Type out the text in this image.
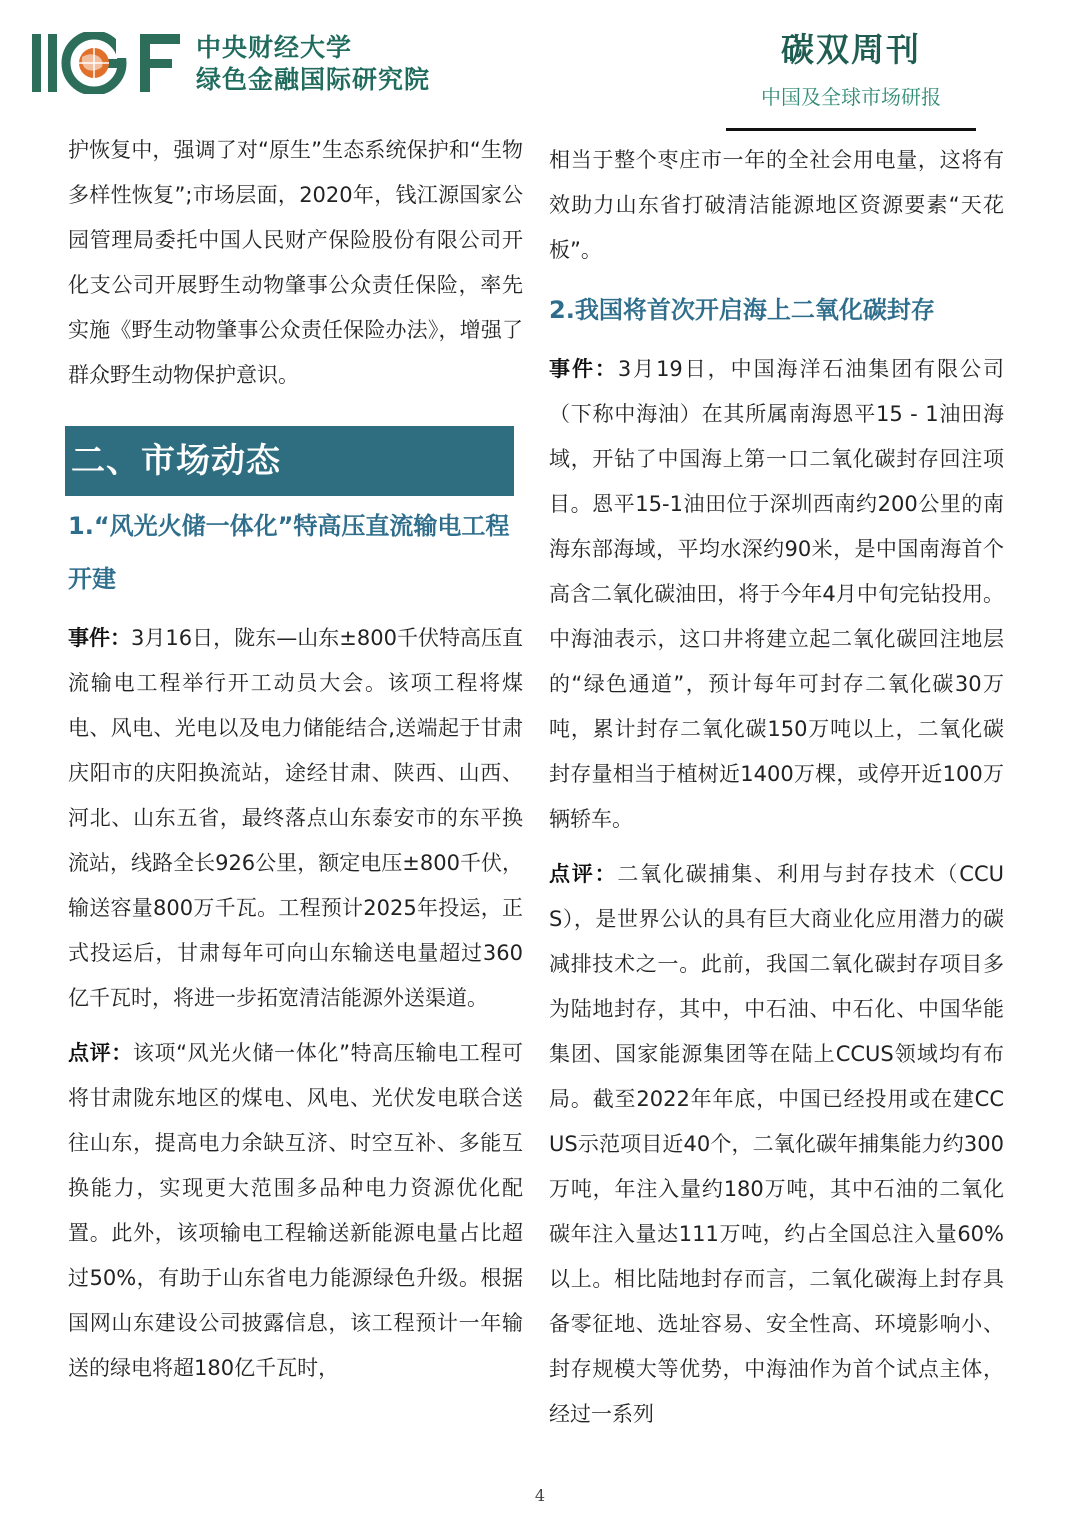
中央财经大学
绿色金融国际研究院
碳双周刊
中国及全球市场研报

护恢复中，强调了对“原生”生态系统保护和“生物多样性恢复”;市场层面，2020年，钱江源国家公园管理局委托中国人民财产保险股份有限公司开化支公司开展野生动物肇事公众责任保险，率先实施《野生动物肇事公众责任保险办法》，增强了群众野生动物保护意识。

二、市场动态
1.“风光火储一体化”特高压直流输电工程开建

事件：3月16日，陇东—山东±800千伏特高压直流输电工程举行开工动员大会。该项工程将煤电、风电、光电以及电力储能结合,送端起于甘肃庆阳市的庆阳换流站，途经甘肃、陕西、山西、河北、山东五省，最终落点山东泰安市的东平换流站，线路全长926公里，额定电压±800千伏，输送容量800万千瓦。工程预计2025年投运，正式投运后，甘肃每年可向山东输送电量超过360亿千瓦时，将进一步拓宽清洁能源外送渠道。

点评：该项“风光火储一体化”特高压输电工程可将甘肃陇东地区的煤电、风电、光伏发电联合送往山东，提高电力余缺互济、时空互补、多能互换能力，实现更大范围多品种电力资源优化配置。此外，该项输电工程输送新能源电量占比超过50%，有助于山东省电力能源绿色升级。根据国网山东建设公司披露信息，该工程预计一年输送的绿电将超180亿千瓦时，

相当于整个枣庄市一年的全社会用电量，这将有效助力山东省打破清洁能源地区资源要素“天花板”。

2.我国将首次开启海上二氧化碳封存

事件：3月19日，中国海洋石油集团有限公司（下称中海油）在其所属南海恩平15 - 1油田海域，开钻了中国海上第一口二氧化碳封存回注项目。恩平15-1油田位于深圳西南约200公里的南海东部海域，平均水深约90米，是中国南海首个高含二氧化碳油田，将于今年4月中旬完钻投用。中海油表示，这口井将建立起二氧化碳回注地层的“绿色通道”，预计每年可封存二氧化碳30万吨，累计封存二氧化碳150万吨以上，二氧化碳封存量相当于植树近1400万棵，或停开近100万辆轿车。

点评：二氧化碳捕集、利用与封存技术（CCUS），是世界公认的具有巨大商业化应用潜力的碳减排技术之一。此前，我国二氧化碳封存项目多为陆地封存，其中，中石油、中石化、中国华能集团、国家能源集团等在陆上CCUS领域均有布局。截至2022年年底，中国已经投用或在建CCUS示范项目近40个，二氧化碳年捕集能力约300万吨，年注入量约180万吨，其中石油的二氧化碳年注入量达111万吨，约占全国总注入量60%以上。相比陆地封存而言，二氧化碳海上封存具备零征地、选址容易、安全性高、环境影响小、封存规模大等优势，中海油作为首个试点主体，经过一系列

4
